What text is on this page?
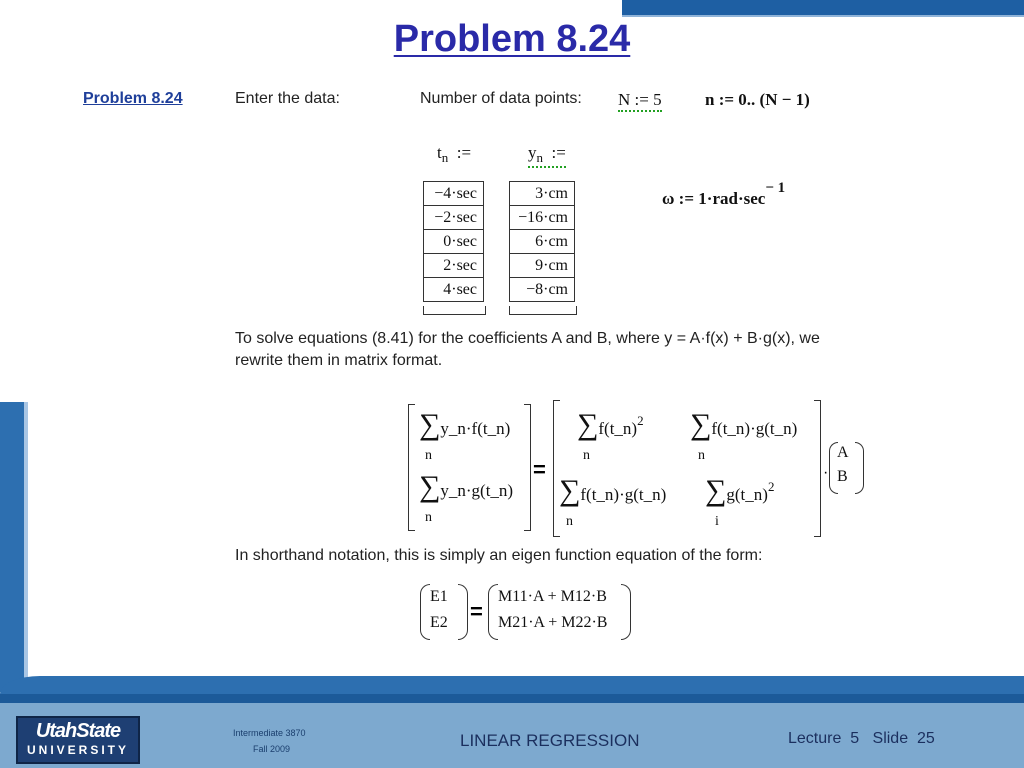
Problem 8.24
Problem 8.24	Enter the data:	Number of data points: N := 5	n := 0.. (N − 1)
$t_n$ :=
−4·sec
−2·sec
0·sec
2·sec
4·sec
$y_n$ :=
3·cm
−16·cm
6·cm
9·cm
−8·cm
ω := 1·rad·sec− 1
To solve equations (8.41) for the coefficients A and B, where y = A·f(x) + B·g(x), we
rewrite them in matrix format.
∑y_n·f(t_n)
n
∑y_n·g(t_n)
n
=
∑f(t_n)$^2$
n
∑f(t_n)·g(t_n)
n
∑f(t_n)·g(t_n)
n
∑g(t_n)$^2$
i
·
A
B
In shorthand notation, this is simply an eigen function equation of the form:
E1
E2 =
M11·A + M12·B
M21·A + M22·B
UtahState
UNIVERSITY
Intermediate 3870
Fall 2009	LINEAR REGRESSION	Lecture 5 Slide 25
